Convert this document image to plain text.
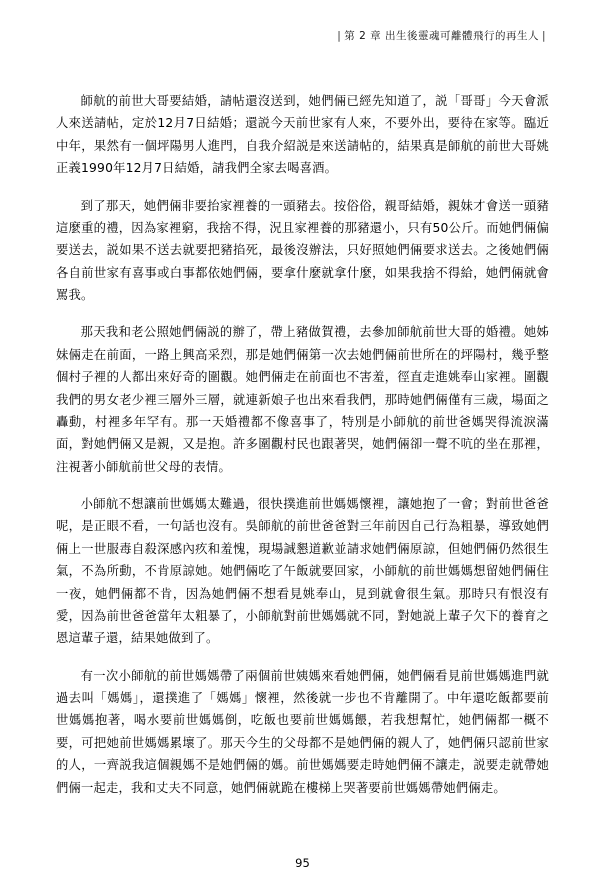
| 第 2 章 出生後靈魂可離體飛行的再生人 |

師航的前世大哥要結婚，請帖還沒送到，她們倆已經先知道了，説「哥哥」今天會派人來送請帖，定於12月7日結婚；還説今天前世家有人來，不要外出，要待在家等。臨近中年，果然有一個坪陽男人進門，自我介紹説是來送請帖的，結果真是師航的前世大哥姚正義1990年12月7日結婚，請我們全家去喝喜酒。

到了那天，她們倆非要抬家裡養的一頭豬去。按俗俗，親哥結婚，親妹才會送一頭豬這麼重的禮，因為家裡窮，我捨不得，況且家裡養的那豬還小，只有50公斤。而她們倆偏要送去，説如果不送去就要把豬掐死，最後沒辦法，只好照她們倆要求送去。之後她們倆各自前世家有喜事或白事都依她們倆，要拿什麼就拿什麼，如果我捨不得給，她們倆就會罵我。

那天我和老公照她們倆説的辦了，帶上豬做賀禮，去參加師航前世大哥的婚禮。她姊妹倆走在前面，一路上興高采烈，那是她們倆第一次去她們倆前世所在的坪陽村，幾乎整個村子裡的人都出來好奇的圍觀。她們倆走在前面也不害羞，徑直走進姚奉山家裡。圍觀我們的男女老少裡三層外三層，就連新娘子也出來看我們，那時她們倆僅有三歲，場面之轟動，村裡多年罕有。那一天婚禮都不像喜事了，特別是小師航的前世爸媽哭得流淚滿面，對她們倆又是親，又是抱。許多圍觀村民也跟著哭，她們倆卻一聲不吭的坐在那裡，注視著小師航前世父母的表情。

小師航不想讓前世媽媽太難過，很快撲進前世媽媽懷裡，讓她抱了一會；對前世爸爸呢，是正眼不看，一句話也沒有。吳師航的前世爸爸對三年前因自己行為粗暴，導致她們倆上一世服毒自殺深感內疚和羞愧，現場誠懇道歉並請求她們倆原諒，但她們倆仍然很生氣，不為所動，不肯原諒她。她們倆吃了午飯就要回家，小師航的前世媽媽想留她們倆住一夜，她們倆都不肯，因為她們倆不想看見姚奉山，見到就會很生氣。那時只有恨沒有愛，因為前世爸爸當年太粗暴了，小師航對前世媽媽就不同，對她説上輩子欠下的養育之恩這輩子還，結果她做到了。

有一次小師航的前世媽媽帶了兩個前世姨媽來看她們倆，她們倆看見前世媽媽進門就過去叫「媽媽」，還撲進了「媽媽」懷裡，然後就一步也不肯離開了。中年還吃飯都要前世媽媽抱著，喝水要前世媽媽倒，吃飯也要前世媽媽餵，若我想幫忙，她們倆都一概不要，可把她前世媽媽累壞了。那天今生的父母都不是她們倆的親人了，她們倆只認前世家的人，一齊説我這個親媽不是她們倆的媽。前世媽媽要走時她們倆不讓走，説要走就帶她們倆一起走，我和丈夫不同意，她們倆就跪在樓梯上哭著要前世媽媽帶她們倆走。

95
